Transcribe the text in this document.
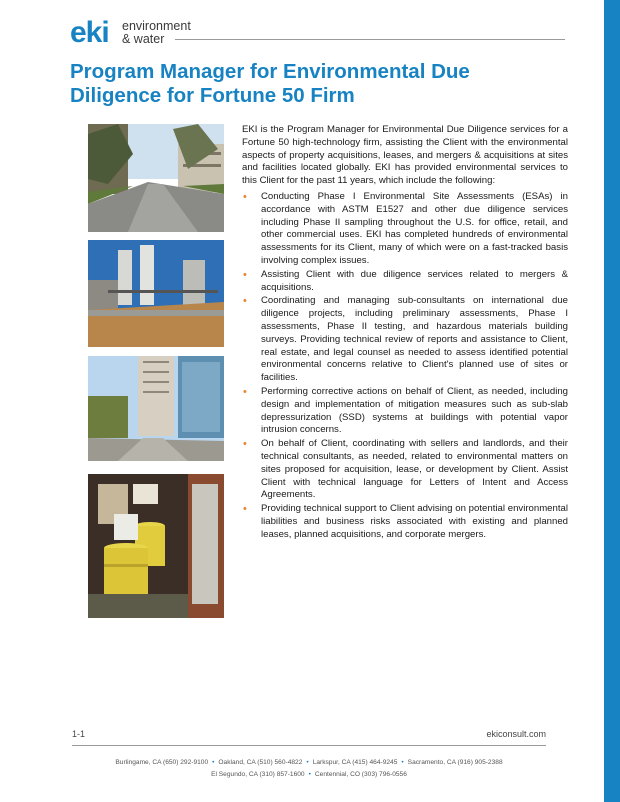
eki environment
& water
Program Manager for Environmental Due Diligence for Fortune 50 Firm

EKI is the Program Manager for Environmental Due Diligence services for a Fortune 50 high-technology firm, assisting the Client with the environmental aspects of property acquisitions, leases, and mergers & acquisitions at sites and facilities located globally. EKI has provided environmental services to this Client for the past 11 years, which include the following:

• Conducting Phase I Environmental Site Assessments (ESAs) in accordance with ASTM E1527 and other due diligence services including Phase II sampling throughout the U.S. for office, retail, and other commercial uses. EKI has completed hundreds of environmental assessments for its Client, many of which were on a fast-tracked basis involving complex issues.
• Assisting Client with due diligence services related to mergers & acquisitions.
• Coordinating and managing sub-consultants on international due diligence projects, including preliminary assessments, Phase I assessments, Phase II testing, and hazardous materials building surveys. Providing technical review of reports and assistance to Client, real estate, and legal counsel as needed to assess identified potential environmental concerns relative to Client's planned use of sites or facilities.
• Performing corrective actions on behalf of Client, as needed, including design and implementation of mitigation measures such as sub-slab depressurization (SSD) systems at buildings with potential vapor intrusion concerns.
• On behalf of Client, coordinating with sellers and landlords, and their technical consultants, as needed, related to environmental matters on sites proposed for acquisition, lease, or development by Client. Assist Client with technical language for Letters of Intent and Access Agreements.
• Providing technical support to Client advising on potential environmental liabilities and business risks associated with existing and planned leases, planned acquisitions, and corporate mergers.
1-1	ekiconsult.com
Burlingame, CA (650) 292-9100 • Oakland, CA (510) 560-4822 • Larkspur, CA (415) 464-9245 • Sacramento, CA (916) 905-2388
El Segundo, CA (310) 857-1600 • Centennial, CO (303) 796-0556
